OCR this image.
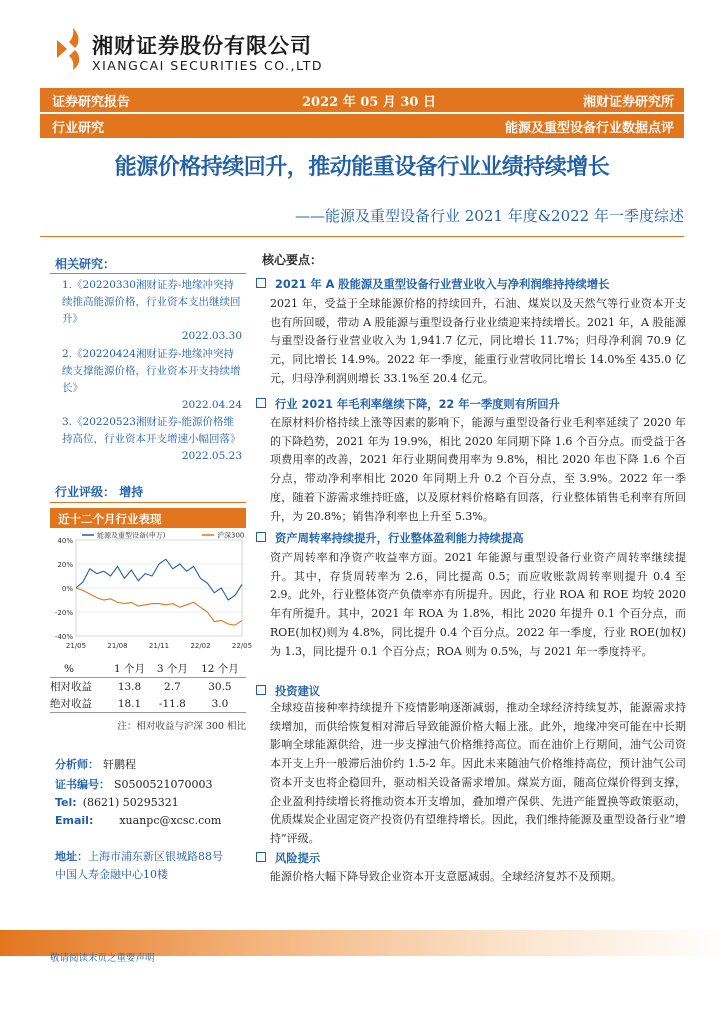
湘财证券股份有限公司
XIANGCAI SECURITIES CO.,LTD
证券研究报告	2022 年 05 月 30 日	湘财证券研究所
行业研究	能源及重型设备行业数据点评
能源价格持续回升，推动能重设备行业业绩持续增长
——能源及重型设备行业 2021 年度&2022 年一季度综述
相关研究：
1.《20220330湘财证券-地缘冲突持续推高能源价格，行业资本支出继续回升》
2022.03.30
2.《20220424湘财证券-地缘冲突持续支撑能源价格，行业资本开支持续增长》
2022.04.24
3.《20220523湘财证券-能源价格维持高位，行业资本开支增速小幅回落》
2022.05.23
行业评级： 增持
近十二个月行业表现
40%
20%
0%
-20%
-40%
21/05	21/08	21/11	22/02	22/05
能源及重型设备(申万)	沪深300
%	1 个月	3 个月	12 个月
相对收益	13.8	2.7	30.5
绝对收益	18.1	-11.8	3.0
注：相对收益与沪深 300 相比
分析师： 轩鹏程
证书编号： S0500521070003
Tel: (8621) 50295321
Email: xuanpc@xcsc.com
地址：上海市浦东新区银城路88号
中国人寿金融中心10楼
核心要点：
2021 年 A 股能源及重型设备行业营业收入与净利润维持持续增长
2021 年，受益于全球能源价格的持续回升，石油、煤炭以及天然气等行业资本开支也有所回暖，带动 A 股能源与重型设备行业业绩迎来持续增长。2021 年，A 股能源与重型设备行业营业收入为 1,941.7 亿元，同比增长 11.7%；归母净利润 70.9 亿元，同比增长 14.9%。2022 年一季度，能重行业营收同比增长 14.0%至 435.0 亿元，归母净利润则增长 33.1%至 20.4 亿元。
行业 2021 年毛利率继续下降，22 年一季度则有所回升
在原材料价格持续上涨等因素的影响下，能源与重型设备行业毛利率延续了 2020 年的下降趋势，2021 年为 19.9%，相比 2020 年同期下降 1.6 个百分点。而受益于各项费用率的改善，2021 年行业期间费用率为 9.8%，相比 2020 年也下降 1.6 个百分点，带动净利率相比 2020 年同期上升 0.2 个百分点，至 3.9%。2022 年一季度，随着下游需求维持旺盛，以及原材料价格略有回落，行业整体销售毛利率有所回升，为 20.8%；销售净利率也上升至 5.3%。
资产周转率持续提升，行业整体盈利能力持续提高
资产周转率和净资产收益率方面。2021 年能源与重型设备行业资产周转率继续提升。其中，存货周转率为 2.6，同比提高 0.5；而应收账款周转率则提升 0.4 至 2.9。此外，行业整体资产负债率亦有所提升。因此，行业 ROA 和 ROE 均较 2020 年有所提升。其中，2021 年 ROA 为 1.8%，相比 2020 年提升 0.1 个百分点，而 ROE(加权)则为 4.8%，同比提升 0.4 个百分点。2022 年一季度，行业 ROE(加权)为 1.3，同比提升 0.1 个百分点；ROA 则为 0.5%，与 2021 年一季度持平。
投资建议
全球疫苗接种率持续提升下疫情影响逐渐减弱，推动全球经济持续复苏，能源需求持续增加，而供给恢复相对滞后导致能源价格大幅上涨。此外，地缘冲突可能在中长期影响全球能源供给，进一步支撑油气价格维持高位。而在油价上行期间，油气公司资本开支上升一般滞后油价约 1.5-2 年。因此未来随油气价格维持高位，预计油气公司资本开支也将企稳回升，驱动相关设备需求增加。煤炭方面，随高位煤价得到支撑，企业盈利持续增长将推动资本开支增加，叠加增产保供、先进产能置换等政策驱动，优质煤炭企业固定资产投资仍有望维持增长。因此，我们维持能源及重型设备行业“增持”评级。
风险提示
能源价格大幅下降导致企业资本开支意愿减弱。全球经济复苏不及预期。
敬请阅读末页之重要声明
